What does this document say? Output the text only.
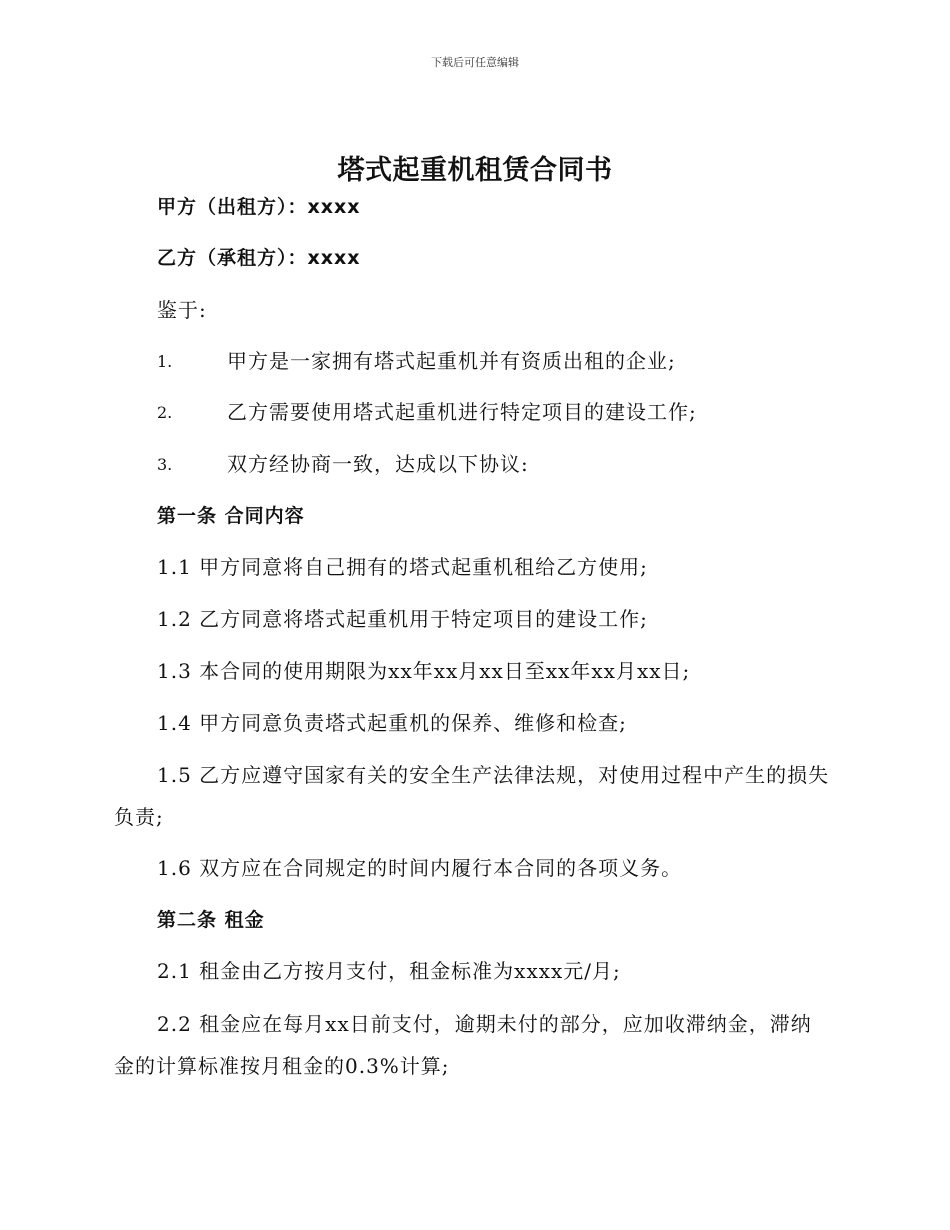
下载后可任意编辑
塔式起重机租赁合同书
甲方（出租方）：xxxx
乙方（承租方）：xxxx
鉴于:
1.	甲方是一家拥有塔式起重机并有资质出租的企业;
2.	乙方需要使用塔式起重机进行特定项目的建设工作;
3.	双方经协商一致，达成以下协议:
第一条 合同内容
1.1 甲方同意将自己拥有的塔式起重机租给乙方使用;
1.2 乙方同意将塔式起重机用于特定项目的建设工作;
1.3 本合同的使用期限为xx年xx月xx日至xx年xx月xx日;
1.4 甲方同意负责塔式起重机的保养、维修和检查;
1.5 乙方应遵守国家有关的安全生产法律法规，对使用过程中产生的损失
负责;
1.6 双方应在合同规定的时间内履行本合同的各项义务。
第二条 租金
2.1 租金由乙方按月支付，租金标准为xxxx元/月;
2.2 租金应在每月xx日前支付，逾期未付的部分，应加收滞纳金，滞纳
金的计算标准按月租金的0.3%计算;
